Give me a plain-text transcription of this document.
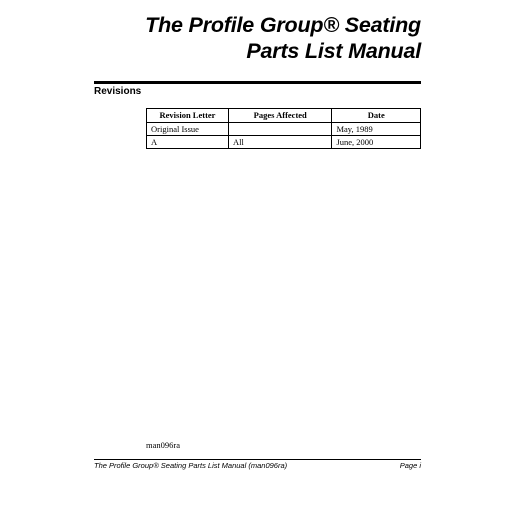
The Profile Group® Seating
Parts List Manual
Revisions
Revision Letter	Pages Affected	Date
Original Issue		May, 1989
A	All	June, 2000
man096ra
The Profile Group® Seating Parts List Manual (man096ra)	Page i
